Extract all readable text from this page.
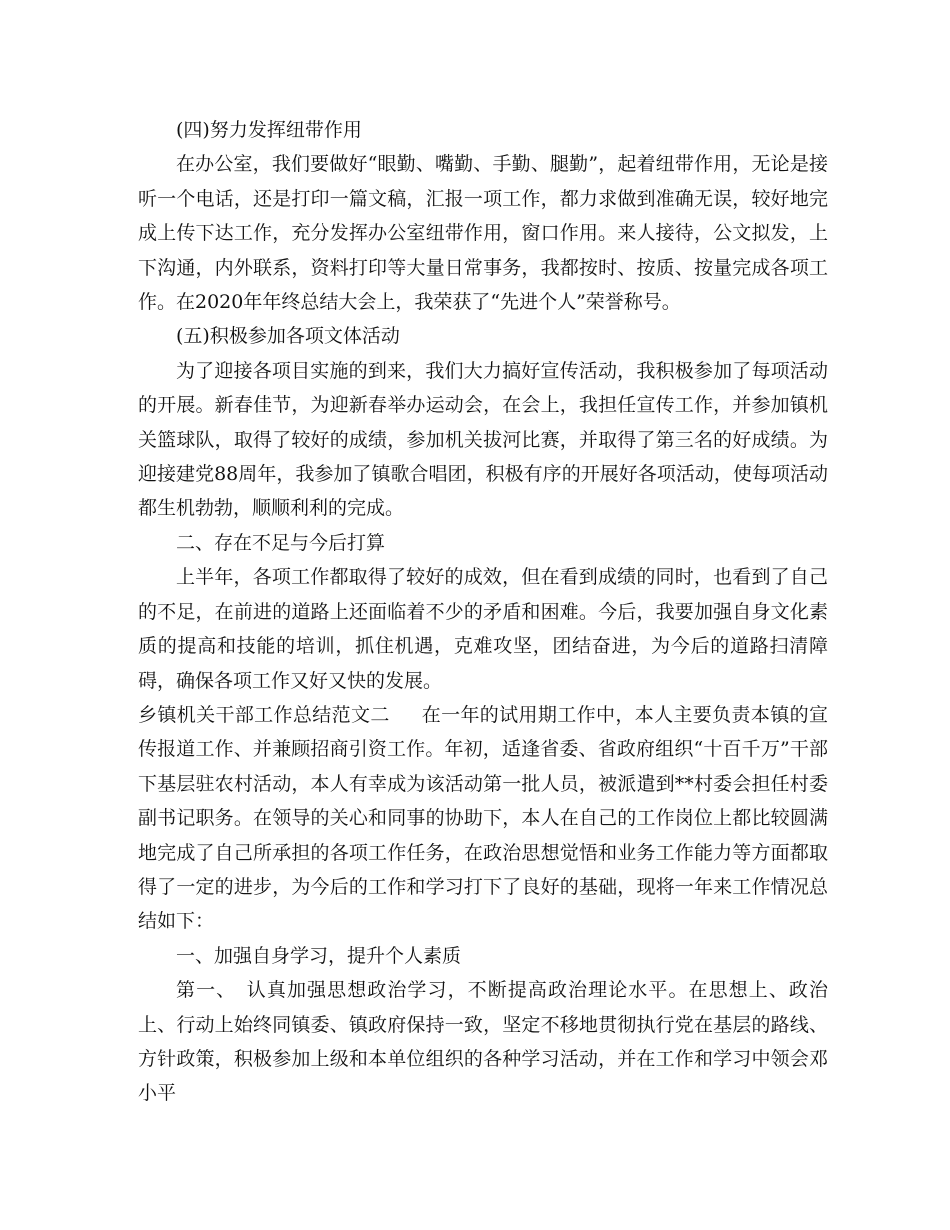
(四)努力发挥纽带作用

在办公室，我们要做好“眼勤、嘴勤、手勤、腿勤”，起着纽带作用，无论是接听一个电话，还是打印一篇文稿，汇报一项工作，都力求做到准确无误，较好地完成上传下达工作，充分发挥办公室纽带作用，窗口作用。来人接待，公文拟发，上下沟通，内外联系，资料打印等大量日常事务，我都按时、按质、按量完成各项工作。在2020年年终总结大会上，我荣获了“先进个人”荣誉称号。

(五)积极参加各项文体活动

为了迎接各项目实施的到来，我们大力搞好宣传活动，我积极参加了每项活动的开展。新春佳节，为迎新春举办运动会，在会上，我担任宣传工作，并参加镇机关篮球队，取得了较好的成绩，参加机关拔河比赛，并取得了第三名的好成绩。为迎接建党88周年，我参加了镇歌合唱团，积极有序的开展好各项活动，使每项活动都生机勃勃，顺顺利利的完成。

二、存在不足与今后打算

上半年，各项工作都取得了较好的成效，但在看到成绩的同时，也看到了自己的不足，在前进的道路上还面临着不少的矛盾和困难。今后，我要加强自身文化素质的提高和技能的培训，抓住机遇，克难攻坚，团结奋进，为今后的道路扫清障碍，确保各项工作又好又快的发展。

乡镇机关干部工作总结范文二 在一年的试用期工作中，本人主要负责本镇的宣传报道工作、并兼顾招商引资工作。年初，适逢省委、省政府组织“十百千万”干部下基层驻农村活动，本人有幸成为该活动第一批人员，被派遣到**村委会担任村委副书记职务。在领导的关心和同事的协助下，本人在自己的工作岗位上都比较圆满地完成了自己所承担的各项工作任务，在政治思想觉悟和业务工作能力等方面都取得了一定的进步，为今后的工作和学习打下了良好的基础，现将一年来工作情况总结如下：

一、加强自身学习，提升个人素质

第一、　认真加强思想政治学习，不断提高政治理论水平。在思想上、政治上、行动上始终同镇委、镇政府保持一致，坚定不移地贯彻执行党在基层的路线、方针政策，积极参加上级和本单位组织的各种学习活动，并在工作和学习中领会邓小平
